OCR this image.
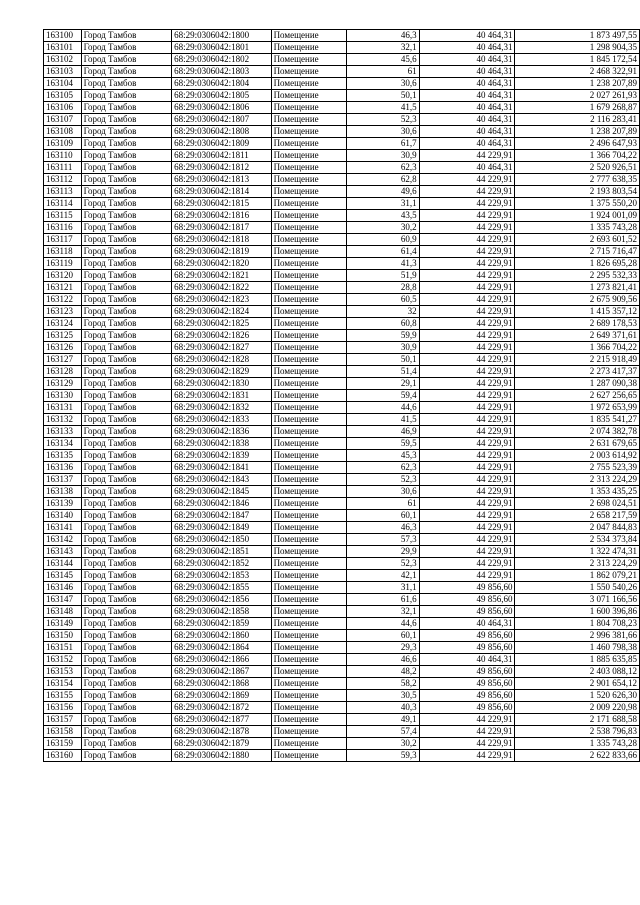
163100	Город Тамбов	68:29:0306042:1800	Помещение	46,3	40 464,31	1 873 497,55
163101	Город Тамбов	68:29:0306042:1801	Помещение	32,1	40 464,31	1 298 904,35
163102	Город Тамбов	68:29:0306042:1802	Помещение	45,6	40 464,31	1 845 172,54
163103	Город Тамбов	68:29:0306042:1803	Помещение	61	40 464,31	2 468 322,91
163104	Город Тамбов	68:29:0306042:1804	Помещение	30,6	40 464,31	1 238 207,89
163105	Город Тамбов	68:29:0306042:1805	Помещение	50,1	40 464,31	2 027 261,93
163106	Город Тамбов	68:29:0306042:1806	Помещение	41,5	40 464,31	1 679 268,87
163107	Город Тамбов	68:29:0306042:1807	Помещение	52,3	40 464,31	2 116 283,41
163108	Город Тамбов	68:29:0306042:1808	Помещение	30,6	40 464,31	1 238 207,89
163109	Город Тамбов	68:29:0306042:1809	Помещение	61,7	40 464,31	2 496 647,93
163110	Город Тамбов	68:29:0306042:1811	Помещение	30,9	44 229,91	1 366 704,22
163111	Город Тамбов	68:29:0306042:1812	Помещение	62,3	40 464,31	2 520 926,51
163112	Город Тамбов	68:29:0306042:1813	Помещение	62,8	44 229,91	2 777 638,35
163113	Город Тамбов	68:29:0306042:1814	Помещение	49,6	44 229,91	2 193 803,54
163114	Город Тамбов	68:29:0306042:1815	Помещение	31,1	44 229,91	1 375 550,20
163115	Город Тамбов	68:29:0306042:1816	Помещение	43,5	44 229,91	1 924 001,09
163116	Город Тамбов	68:29:0306042:1817	Помещение	30,2	44 229,91	1 335 743,28
163117	Город Тамбов	68:29:0306042:1818	Помещение	60,9	44 229,91	2 693 601,52
163118	Город Тамбов	68:29:0306042:1819	Помещение	61,4	44 229,91	2 715 716,47
163119	Город Тамбов	68:29:0306042:1820	Помещение	41,3	44 229,91	1 826 695,28
163120	Город Тамбов	68:29:0306042:1821	Помещение	51,9	44 229,91	2 295 532,33
163121	Город Тамбов	68:29:0306042:1822	Помещение	28,8	44 229,91	1 273 821,41
163122	Город Тамбов	68:29:0306042:1823	Помещение	60,5	44 229,91	2 675 909,56
163123	Город Тамбов	68:29:0306042:1824	Помещение	32	44 229,91	1 415 357,12
163124	Город Тамбов	68:29:0306042:1825	Помещение	60,8	44 229,91	2 689 178,53
163125	Город Тамбов	68:29:0306042:1826	Помещение	59,9	44 229,91	2 649 371,61
163126	Город Тамбов	68:29:0306042:1827	Помещение	30,9	44 229,91	1 366 704,22
163127	Город Тамбов	68:29:0306042:1828	Помещение	50,1	44 229,91	2 215 918,49
163128	Город Тамбов	68:29:0306042:1829	Помещение	51,4	44 229,91	2 273 417,37
163129	Город Тамбов	68:29:0306042:1830	Помещение	29,1	44 229,91	1 287 090,38
163130	Город Тамбов	68:29:0306042:1831	Помещение	59,4	44 229,91	2 627 256,65
163131	Город Тамбов	68:29:0306042:1832	Помещение	44,6	44 229,91	1 972 653,99
163132	Город Тамбов	68:29:0306042:1833	Помещение	41,5	44 229,91	1 835 541,27
163133	Город Тамбов	68:29:0306042:1836	Помещение	46,9	44 229,91	2 074 382,78
163134	Город Тамбов	68:29:0306042:1838	Помещение	59,5	44 229,91	2 631 679,65
163135	Город Тамбов	68:29:0306042:1839	Помещение	45,3	44 229,91	2 003 614,92
163136	Город Тамбов	68:29:0306042:1841	Помещение	62,3	44 229,91	2 755 523,39
163137	Город Тамбов	68:29:0306042:1843	Помещение	52,3	44 229,91	2 313 224,29
163138	Город Тамбов	68:29:0306042:1845	Помещение	30,6	44 229,91	1 353 435,25
163139	Город Тамбов	68:29:0306042:1846	Помещение	61	44 229,91	2 698 024,51
163140	Город Тамбов	68:29:0306042:1847	Помещение	60,1	44 229,91	2 658 217,59
163141	Город Тамбов	68:29:0306042:1849	Помещение	46,3	44 229,91	2 047 844,83
163142	Город Тамбов	68:29:0306042:1850	Помещение	57,3	44 229,91	2 534 373,84
163143	Город Тамбов	68:29:0306042:1851	Помещение	29,9	44 229,91	1 322 474,31
163144	Город Тамбов	68:29:0306042:1852	Помещение	52,3	44 229,91	2 313 224,29
163145	Город Тамбов	68:29:0306042:1853	Помещение	42,1	44 229,91	1 862 079,21
163146	Город Тамбов	68:29:0306042:1855	Помещение	31,1	49 856,60	1 550 540,26
163147	Город Тамбов	68:29:0306042:1856	Помещение	61,6	49 856,60	3 071 166,56
163148	Город Тамбов	68:29:0306042:1858	Помещение	32,1	49 856,60	1 600 396,86
163149	Город Тамбов	68:29:0306042:1859	Помещение	44,6	40 464,31	1 804 708,23
163150	Город Тамбов	68:29:0306042:1860	Помещение	60,1	49 856,60	2 996 381,66
163151	Город Тамбов	68:29:0306042:1864	Помещение	29,3	49 856,60	1 460 798,38
163152	Город Тамбов	68:29:0306042:1866	Помещение	46,6	40 464,31	1 885 635,85
163153	Город Тамбов	68:29:0306042:1867	Помещение	48,2	49 856,60	2 403 088,12
163154	Город Тамбов	68:29:0306042:1868	Помещение	58,2	49 856,60	2 901 654,12
163155	Город Тамбов	68:29:0306042:1869	Помещение	30,5	49 856,60	1 520 626,30
163156	Город Тамбов	68:29:0306042:1872	Помещение	40,3	49 856,60	2 009 220,98
163157	Город Тамбов	68:29:0306042:1877	Помещение	49,1	44 229,91	2 171 688,58
163158	Город Тамбов	68:29:0306042:1878	Помещение	57,4	44 229,91	2 538 796,83
163159	Город Тамбов	68:29:0306042:1879	Помещение	30,2	44 229,91	1 335 743,28
163160	Город Тамбов	68:29:0306042:1880	Помещение	59,3	44 229,91	2 622 833,66
